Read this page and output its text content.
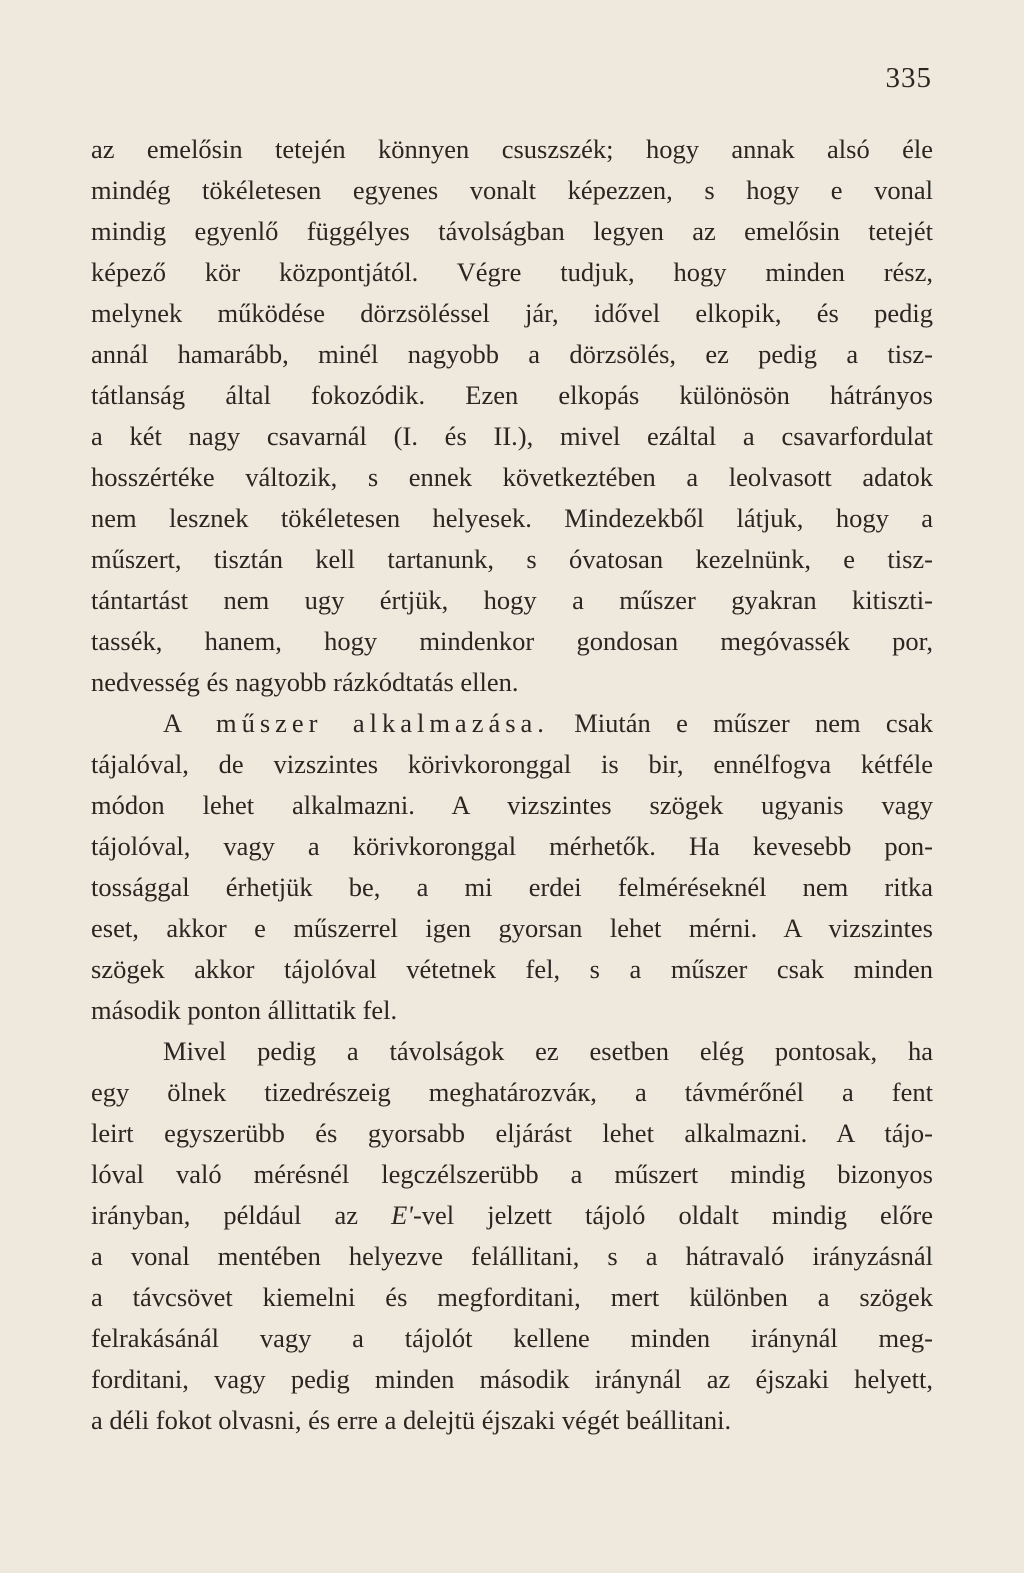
335
az emelősin tetején könnyen csuszszék; hogy annak alsó éle
mindég tökéletesen egyenes vonalt képezzen, s hogy e vonal
mindig egyenlő függélyes távolságban legyen az emelősin tetejét
képező kör központjától. Végre tudjuk, hogy minden rész,
melynek működése dörzsöléssel jár, idővel elkopik, és pedig
annál hamarább, minél nagyobb a dörzsölés, ez pedig a tisz-
tátlanság által fokozódik. Ezen elkopás különösön hátrányos
a két nagy csavarnál (I. és II.), mivel ezáltal a csavarfordulat
hosszértéke változik, s ennek következtében a leolvasott adatok
nem lesznek tökéletesen helyesek. Mindezekből látjuk, hogy a
műszert, tisztán kell tartanunk, s óvatosan kezelnünk, e tisz-
tántartást nem ugy értjük, hogy a műszer gyakran kitiszti-
tassék, hanem, hogy mindenkor gondosan megóvassék por,
nedvesség és nagyobb rázkódtatás ellen.
A műszer alkalmazása. Miután e műszer nem csak
tájalóval, de vizszintes körivkoronggal is bir, ennélfogva kétféle
módon lehet alkalmazni. A vizszintes szögek ugyanis vagy
tájolóval, vagy a körivkoronggal mérhetők. Ha kevesebb pon-
tossággal érhetjük be, a mi erdei felméréseknél nem ritka
eset, akkor e műszerrel igen gyorsan lehet mérni. A vizszintes
szögek akkor tájolóval vétetnek fel, s a műszer csak minden
második ponton állittatik fel.
Mivel pedig a távolságok ez esetben elég pontosak, ha
egy ölnek tizedrészeig meghatározváк, a távmérőnél a fent
leirt egyszerübb és gyorsabb eljárást lehet alkalmazni. A tájo-
lóval való mérésnél legczélszerübb a műszert mindig bizonyos
irányban, például az E'-vel jelzett tájoló oldalt mindig előre
a vonal mentében helyezve felállitani, s a hátravaló irányzásnál
a távcsövet kiemelni és megforditani, mert különben a szögek
felrakásánál vagy a tájolót kellene minden iránynál meg-
forditani, vagy pedig minden második iránynál az éjszaki helyett,
a déli fokot olvasni, és erre a delejtü éjszaki végét beállitani.
